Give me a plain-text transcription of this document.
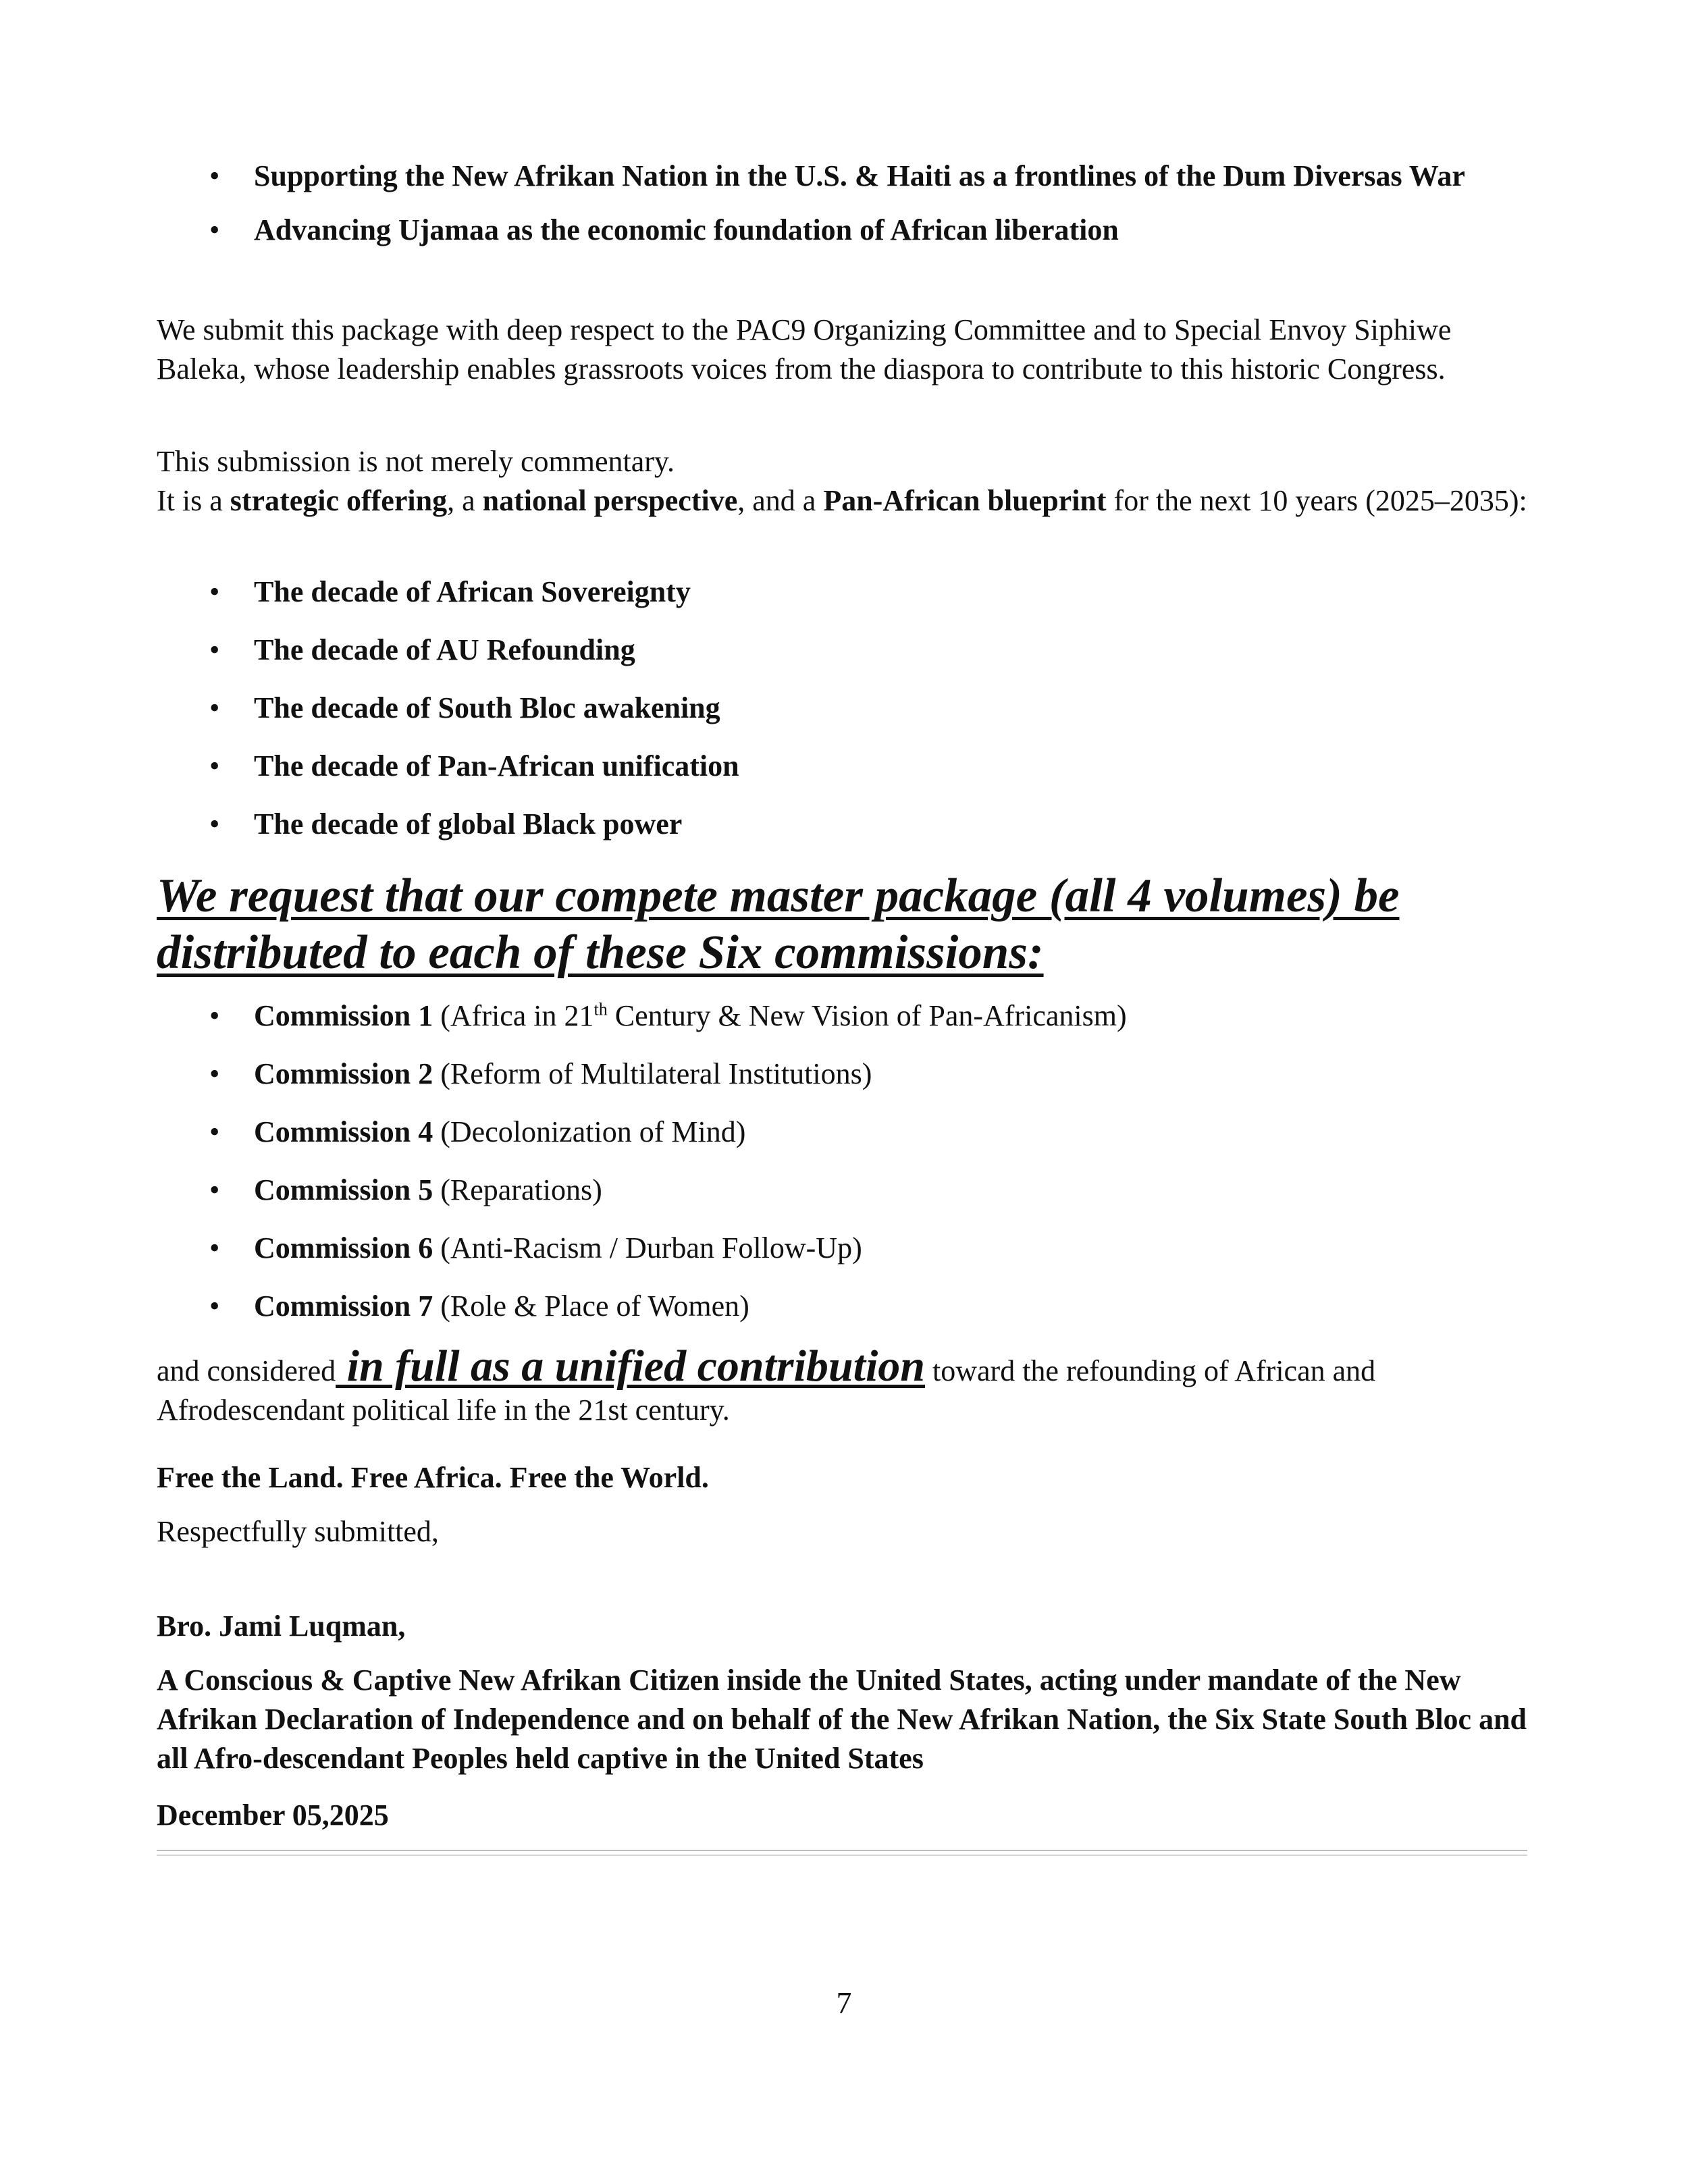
• Supporting the New Afrikan Nation in the U.S. & Haiti as a frontlines of the Dum Diversas War
• Advancing Ujamaa as the economic foundation of African liberation

We submit this package with deep respect to the PAC9 Organizing Committee and to Special Envoy Siphiwe Baleka, whose leadership enables grassroots voices from the diaspora to contribute to this historic Congress.

This submission is not merely commentary.
It is a strategic offering, a national perspective, and a Pan-African blueprint for the next 10 years (2025–2035):

• The decade of African Sovereignty
• The decade of AU Refounding
• The decade of South Bloc awakening
• The decade of Pan-African unification
• The decade of global Black power

We request that our compete master package (all 4 volumes) be
distributed to each of these Six commissions:

• Commission 1 (Africa in 21th Century & New Vision of Pan-Africanism)
• Commission 2 (Reform of Multilateral Institutions)
• Commission 4 (Decolonization of Mind)
• Commission 5 (Reparations)
• Commission 6 (Anti-Racism / Durban Follow-Up)
• Commission 7 (Role & Place of Women)

and considered in full as a unified contribution toward the refounding of African and Afrodescendant political life in the 21st century.

Free the Land. Free Africa. Free the World.

Respectfully submitted,

Bro. Jami Luqman,

A Conscious & Captive New Afrikan Citizen inside the United States, acting under mandate of the New Afrikan Declaration of Independence and on behalf of the New Afrikan Nation, the Six State South Bloc and all Afro-descendant Peoples held captive in the United States

December 05,2025

7
